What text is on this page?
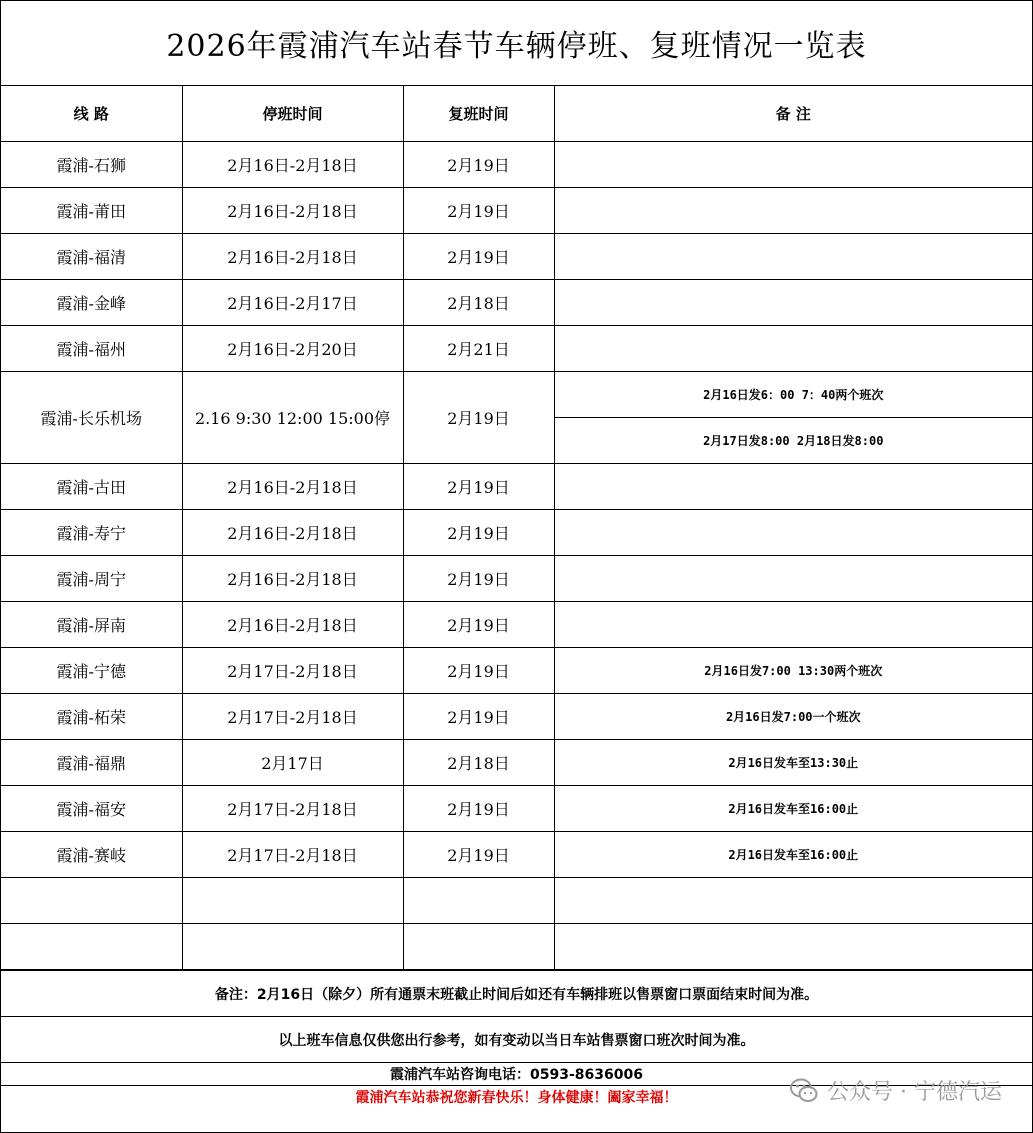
2026年霞浦汽车站春节车辆停班、复班情况一览表
线 路	停班时间	复班时间	备 注
霞浦-石狮	2月16日-2月18日	2月19日	
霞浦-莆田	2月16日-2月18日	2月19日	
霞浦-福清	2月16日-2月18日	2月19日	
霞浦-金峰	2月16日-2月17日	2月18日	
霞浦-福州	2月16日-2月20日	2月21日	
霞浦-长乐机场	2.16 9:30 12:00 15:00停	2月19日	2月16日发6：00 7：40两个班次
			2月17日发8:00 2月18日发8:00
霞浦-古田	2月16日-2月18日	2月19日	
霞浦-寿宁	2月16日-2月18日	2月19日	
霞浦-周宁	2月16日-2月18日	2月19日	
霞浦-屏南	2月16日-2月18日	2月19日	
霞浦-宁德	2月17日-2月18日	2月19日	2月16日发7:00 13:30两个班次
霞浦-柘荣	2月17日-2月18日	2月19日	2月16日发7:00一个班次
霞浦-福鼎	2月17日	2月18日	2月16日发车至13:30止
霞浦-福安	2月17日-2月18日	2月19日	2月16日发车至16:00止
霞浦-赛岐	2月17日-2月18日	2月19日	2月16日发车至16:00止

备注：2月16日（除夕）所有通票末班截止时间后如还有车辆排班以售票窗口票面结束时间为准。
以上班车信息仅供您出行参考，如有变动以当日车站售票窗口班次时间为准。
霞浦汽车站咨询电话：0593-8636006
霞浦汽车站恭祝您新春快乐！身体健康！阖家幸福！	公众号 · 宁德汽运
